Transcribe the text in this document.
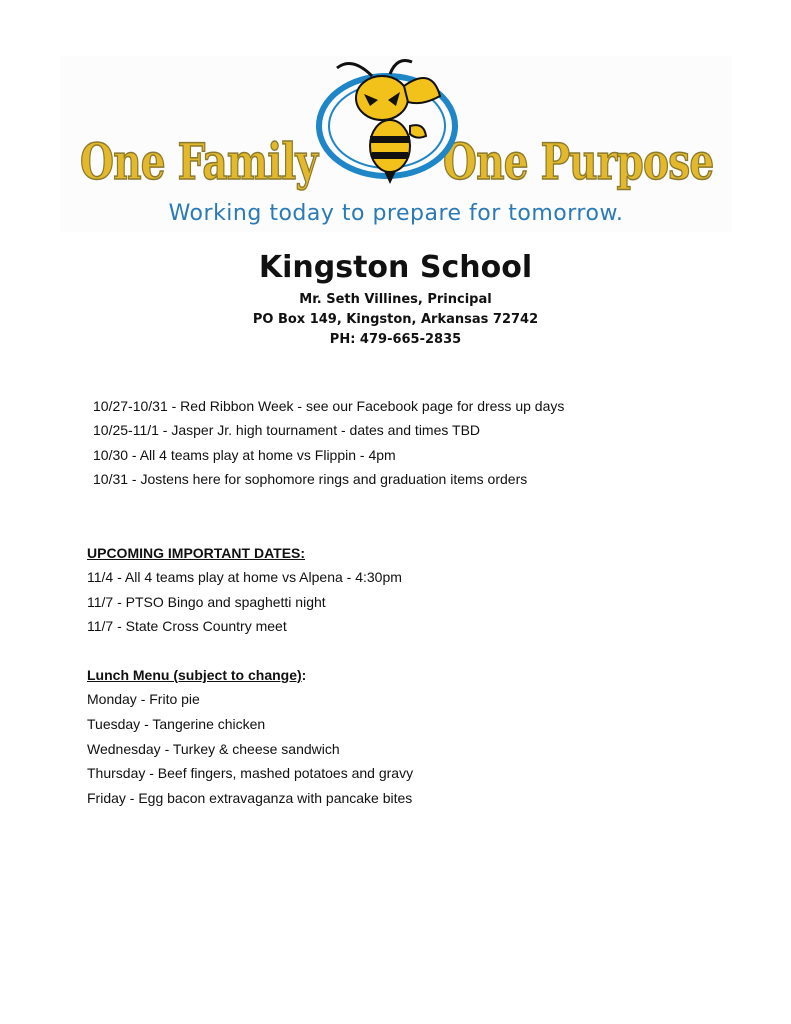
One Family	One Purpose
Working today to prepare for tomorrow.
Kingston School
Mr. Seth Villines, Principal
PO Box 149, Kingston, Arkansas 72742
PH: 479-665-2835
10/27-10/31 - Red Ribbon Week - see our Facebook page for dress up days
10/25-11/1 - Jasper Jr. high tournament - dates and times TBD
10/30 - All 4 teams play at home vs Flippin - 4pm
10/31 - Jostens here for sophomore rings and graduation items orders
UPCOMING IMPORTANT DATES:
11/4 - All 4 teams play at home vs Alpena - 4:30pm
11/7 - PTSO Bingo and spaghetti night
11/7 - State Cross Country meet
Lunch Menu (subject to change):
Monday - Frito pie
Tuesday - Tangerine chicken
Wednesday - Turkey & cheese sandwich
Thursday - Beef fingers, mashed potatoes and gravy
Friday - Egg bacon extravaganza with pancake bites
